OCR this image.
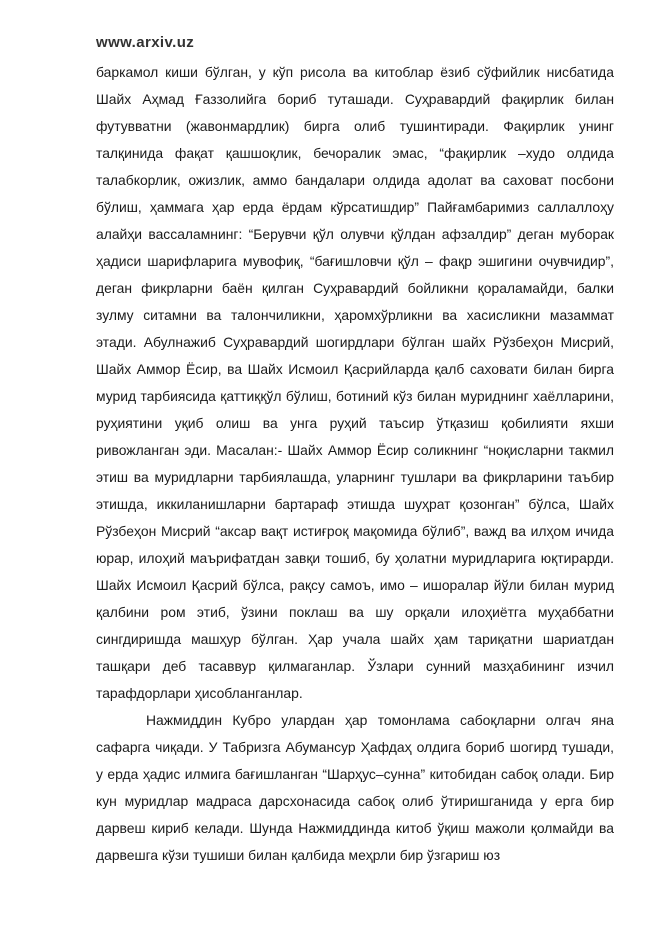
www.arxiv.uz

баркамол киши бўлган, у кўп рисола ва китоблар ёзиб сўфийлик нисбатида Шайх Аҳмад Ғаззолийга бориб туташади. Суҳравардий фақирлик билан футувватни (жавонмардлик) бирга олиб тушинтиради. Фақирлик унинг талқинида фақат қашшоқлик, бечоралик эмас, “фақирлик –худо олдида талабкорлик, ожизлик, аммо бандалари олдида адолат ва саховат посбони бўлиш, ҳаммага ҳар ерда ёрдам кўрсатишдир” Пайғамбаримиз саллаллоҳу алайҳи вассаламнинг: “Берувчи қўл олувчи қўлдан афзалдир” деган муборак ҳадиси шарифларига мувофиқ, “бағишловчи қўл – фақр эшигини очувчидир”, деган фикрларни баён қилган Суҳравардий бойликни қораламайди, балки зулму ситамни ва талончиликни, ҳаромхўрликни ва хасисликни мазаммат этади. Абулнажиб Суҳравардий шогирдлари бўлган шайх Рўзбеҳон Мисрий, Шайх Аммор Ёсир, ва Шайх Исмоил Қасрийларда қалб саховати билан бирга мурид тарбиясида қаттиққўл бўлиш, ботиний кўз билан муриднинг хаёлларини, руҳиятини уқиб олиш ва унга руҳий таъсир ўтқазиш қобилияти яхши ривожланган эди. Масалан:- Шайх Аммор Ёсир соликнинг “ноқисларни такмил этиш ва муридларни тарбиялашда, уларнинг тушлари ва фикрларини таъбир этишда, иккиланишларни бартараф этишда шуҳрат қозонган” бўлса, Шайх Рўзбеҳон Мисрий “аксар вақт истиғроқ мақомида бўлиб”, важд ва илҳом ичида юрар, илоҳий маърифатдан завқи тошиб, бу ҳолатни муридларига юқтирарди. Шайх Исмоил Қасрий бўлса, рақсу самоъ, имо – ишоралар йўли билан мурид қалбини ром этиб, ўзини поклаш ва шу орқали илоҳиётга муҳаббатни сингдиришда машҳур бўлган. Ҳар учала шайх ҳам тариқатни шариатдан ташқари деб тасаввур қилмаганлар. Ўзлари сунний мазҳабининг изчил тарафдорлари ҳисобланганлар.

Нажмиддин Кубро улардан ҳар томонлама сабоқларни олгач яна сафарга чиқади. У Табризга Абумансур Ҳафдаҳ олдига бориб шогирд тушади, у ерда ҳадис илмига бағишланган “Шарҳус–сунна” китобидан сабоқ олади. Бир кун муридлар мадраса дарсхонасида сабоқ олиб ўтиришганида у ерга бир дарвеш кириб келади. Шунда Нажмиддинда китоб ўқиш мажоли қолмайди ва дарвешга кўзи тушиши билан қалбида меҳрли бир ўзгариш юз
